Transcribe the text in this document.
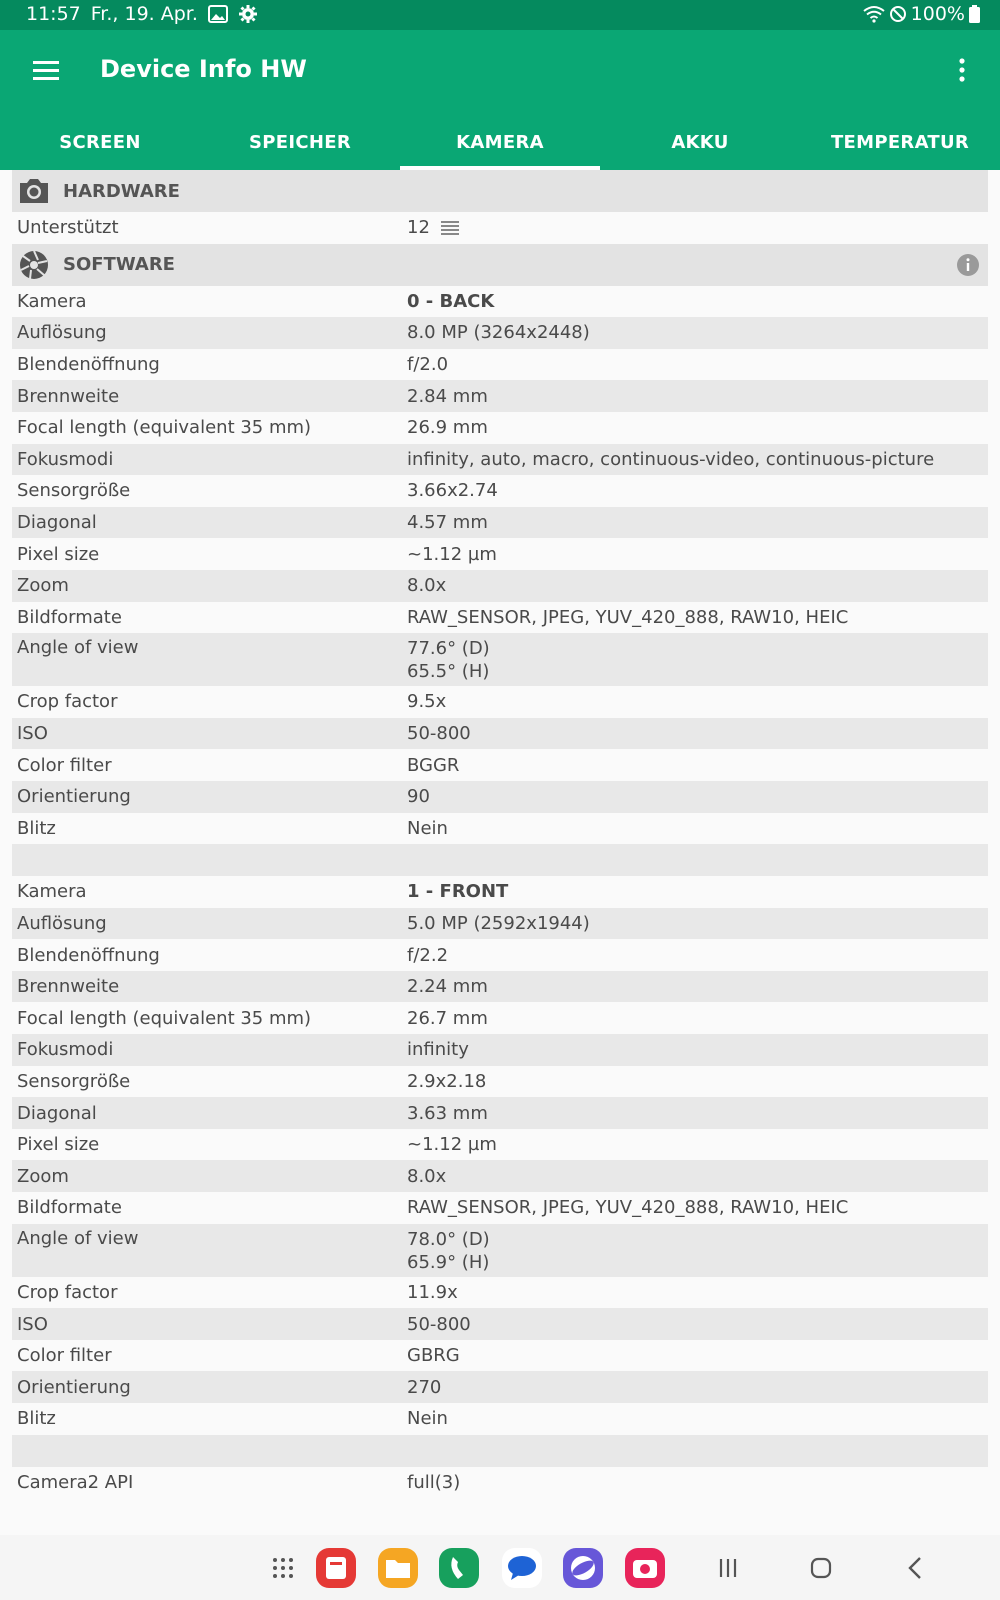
11:57 Fr., 19. Apr.	100%
Device Info HW
SCREEN	SPEICHER	KAMERA	AKKU	TEMPERATUR
HARDWARE
Unterstützt	12
SOFTWARE
Kamera	0 - BACK
Auflösung	8.0 MP (3264x2448)
Blendenöffnung	f/2.0
Brennweite	2.84 mm
Focal length (equivalent 35 mm)	26.9 mm
Fokusmodi	infinity, auto, macro, continuous-video, continuous-picture
Sensorgröße	3.66x2.74
Diagonal	4.57 mm
Pixel size	~1.12 µm
Zoom	8.0x
Bildformate	RAW_SENSOR, JPEG, YUV_420_888, RAW10, HEIC
Angle of view	77.6° (D)
65.5° (H)
Crop factor	9.5x
ISO	50-800
Color filter	BGGR
Orientierung	90
Blitz	Nein
Kamera	1 - FRONT
Auflösung	5.0 MP (2592x1944)
Blendenöffnung	f/2.2
Brennweite	2.24 mm
Focal length (equivalent 35 mm)	26.7 mm
Fokusmodi	infinity
Sensorgröße	2.9x2.18
Diagonal	3.63 mm
Pixel size	~1.12 µm
Zoom	8.0x
Bildformate	RAW_SENSOR, JPEG, YUV_420_888, RAW10, HEIC
Angle of view	78.0° (D)
65.9° (H)
Crop factor	11.9x
ISO	50-800
Color filter	GBRG
Orientierung	270
Blitz	Nein
Camera2 API	full(3)
